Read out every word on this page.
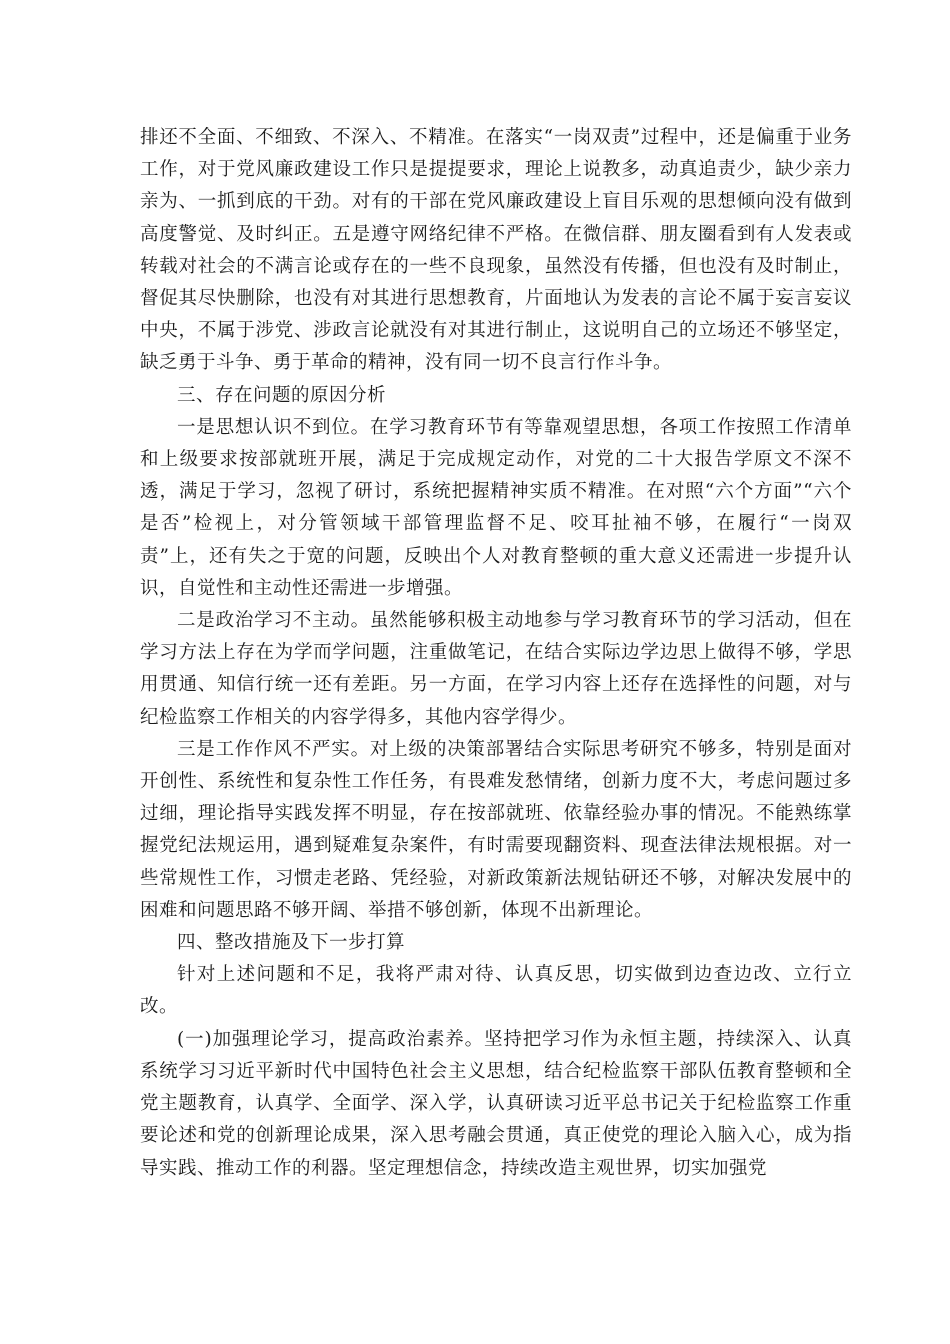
排还不全面、不细致、不深入、不精准。在落实“一岗双责”过程中，还是偏重于业务工作，对于党风廉政建设工作只是提提要求，理论上说教多，动真追责少，缺少亲力亲为、一抓到底的干劲。对有的干部在党风廉政建设上盲目乐观的思想倾向没有做到高度警觉、及时纠正。五是遵守网络纪律不严格。在微信群、朋友圈看到有人发表或转载对社会的不满言论或存在的一些不良现象，虽然没有传播，但也没有及时制止，督促其尽快删除，也没有对其进行思想教育，片面地认为发表的言论不属于妄言妄议中央，不属于涉党、涉政言论就没有对其进行制止，这说明自己的立场还不够坚定，缺乏勇于斗争、勇于革命的精神，没有同一切不良言行作斗争。

三、存在问题的原因分析

一是思想认识不到位。在学习教育环节有等靠观望思想，各项工作按照工作清单和上级要求按部就班开展，满足于完成规定动作，对党的二十大报告学原文不深不透，满足于学习，忽视了研讨，系统把握精神实质不精准。在对照“六个方面”“六个是否”检视上，对分管领域干部管理监督不足、咬耳扯袖不够，在履行“一岗双责”上，还有失之于宽的问题，反映出个人对教育整顿的重大意义还需进一步提升认识，自觉性和主动性还需进一步增强。

二是政治学习不主动。虽然能够积极主动地参与学习教育环节的学习活动，但在学习方法上存在为学而学问题，注重做笔记，在结合实际边学边思上做得不够，学思用贯通、知信行统一还有差距。另一方面，在学习内容上还存在选择性的问题，对与纪检监察工作相关的内容学得多，其他内容学得少。

三是工作作风不严实。对上级的决策部署结合实际思考研究不够多，特别是面对开创性、系统性和复杂性工作任务，有畏难发愁情绪，创新力度不大，考虑问题过多过细，理论指导实践发挥不明显，存在按部就班、依靠经验办事的情况。不能熟练掌握党纪法规运用，遇到疑难复杂案件，有时需要现翻资料、现查法律法规根据。对一些常规性工作，习惯走老路、凭经验，对新政策新法规钻研还不够，对解决发展中的困难和问题思路不够开阔、举措不够创新，体现不出新理论。

四、整改措施及下一步打算

针对上述问题和不足，我将严肃对待、认真反思，切实做到边查边改、立行立改。

(一)加强理论学习，提高政治素养。坚持把学习作为永恒主题，持续深入、认真系统学习习近平新时代中国特色社会主义思想，结合纪检监察干部队伍教育整顿和全党主题教育，认真学、全面学、深入学，认真研读习近平总书记关于纪检监察工作重要论述和党的创新理论成果，深入思考融会贯通，真正使党的理论入脑入心，成为指导实践、推动工作的利器。坚定理想信念，持续改造主观世界，切实加强党
